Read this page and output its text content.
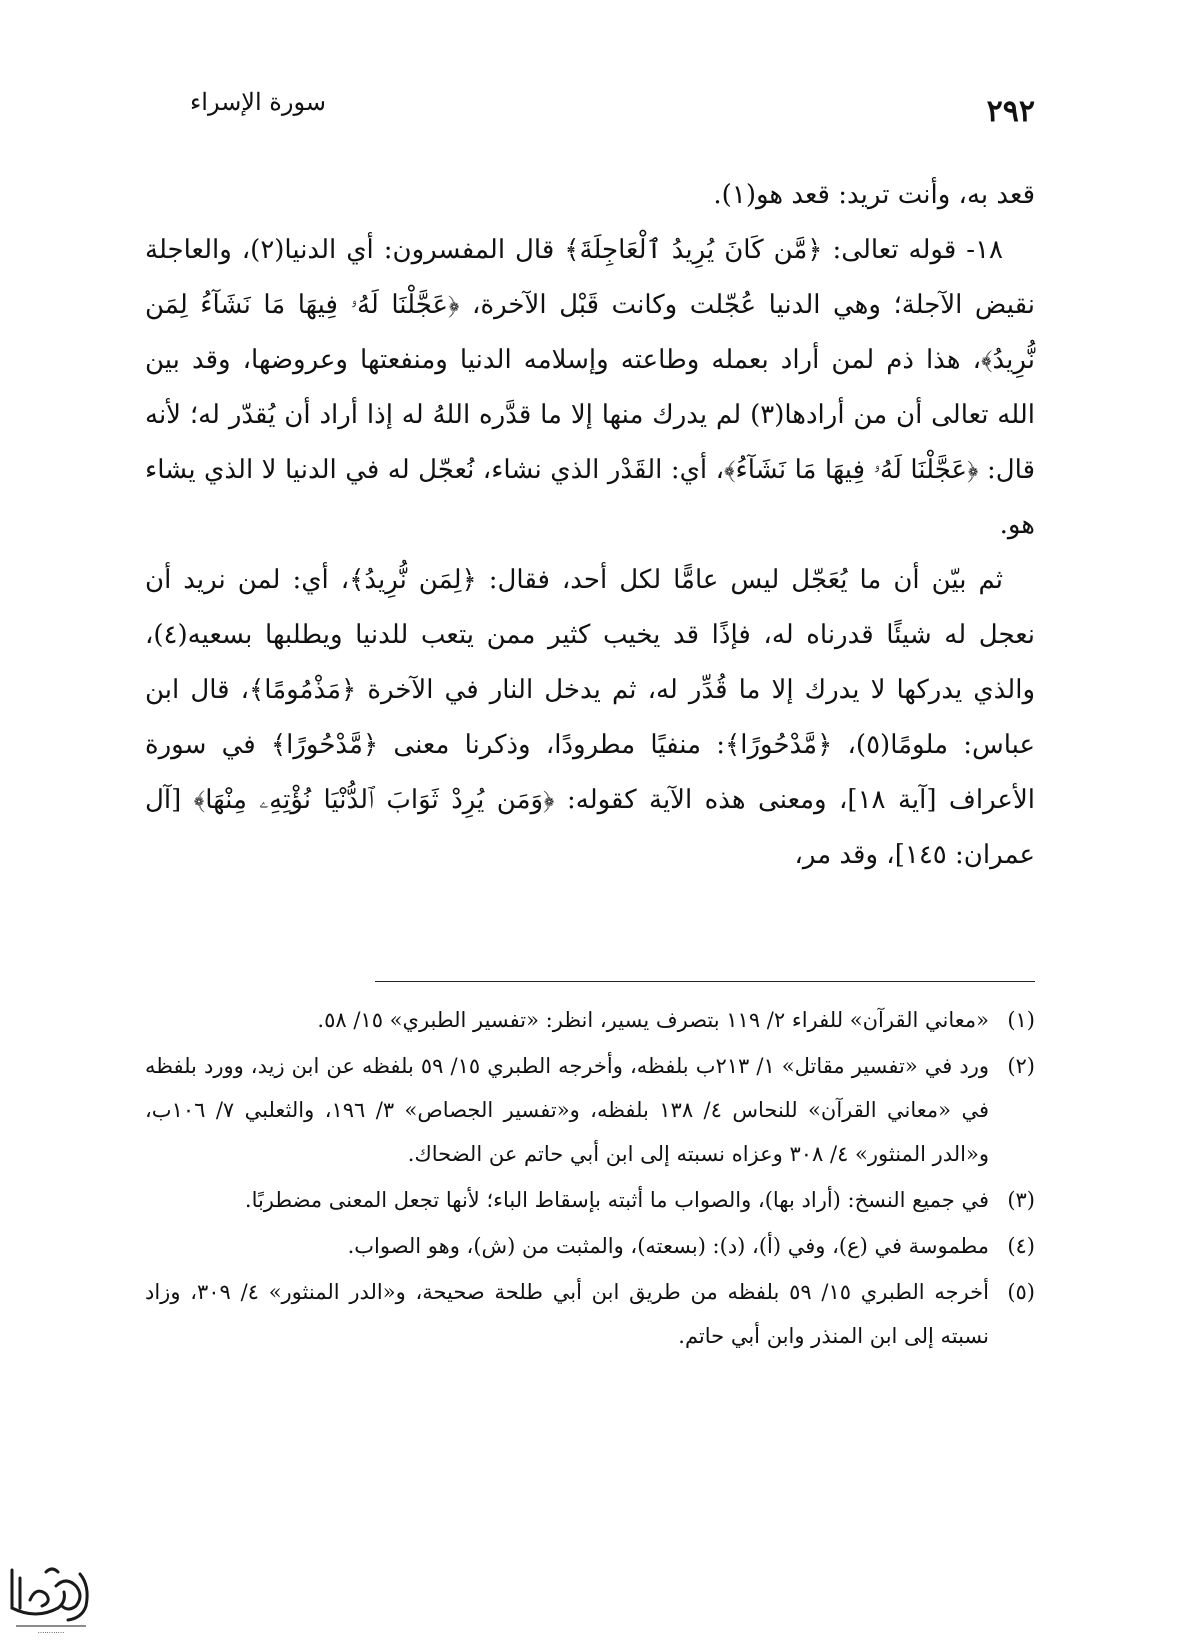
٢٩٢
سورة الإسراء

قعد به، وأنت تريد: قعد هو(١).

١٨- قوله تعالى: ﴿مَّن كَانَ يُرِيدُ ٱلْعَاجِلَةَ﴾ قال المفسرون: أي الدنيا(٢)، والعاجلة نقيض الآجلة؛ وهي الدنيا عُجّلت وكانت قَبْل الآخرة، ﴿عَجَّلْنَا لَهُۥ فِيهَا مَا نَشَآءُ لِمَن نُّرِيدُ﴾، هذا ذم لمن أراد بعمله وطاعته وإسلامه الدنيا ومنفعتها وعروضها، وقد بين الله تعالى أن من أرادها(٣) لم يدرك منها إلا ما قدَّره اللهُ له إذا أراد أن يُقدّر له؛ لأنه قال: ﴿عَجَّلْنَا لَهُۥ فِيهَا مَا نَشَآءُ﴾، أي: القَدْر الذي نشاء، نُعجّل له في الدنيا لا الذي يشاء هو.

ثم بيّن أن ما يُعَجّل ليس عامًّا لكل أحد، فقال: ﴿لِمَن نُّرِيدُ﴾، أي: لمن نريد أن نعجل له شيئًا قدرناه له، فإذًا قد يخيب كثير ممن يتعب للدنيا ويطلبها بسعيه(٤)، والذي يدركها لا يدرك إلا ما قُدِّر له، ثم يدخل النار في الآخرة ﴿مَذْمُومًا﴾، قال ابن عباس: ملومًا(٥)، ﴿مَّدْحُورًا﴾: منفيًا مطرودًا، وذكرنا معنى ﴿مَّدْحُورًا﴾ في سورة الأعراف [آية ١٨]، ومعنى هذه الآية كقوله: ﴿وَمَن يُرِدْ ثَوَابَ ٱلدُّنْيَا نُؤْتِهِۦ مِنْهَا﴾ [آل عمران: ١٤٥]، وقد مر،

(١)
«معاني القرآن» للفراء ٢/ ١١٩ بتصرف يسير، انظر: «تفسير الطبري» ١٥/ ٥٨.
(٢)
ورد في «تفسير مقاتل» ١/ ٢١٣ب بلفظه، وأخرجه الطبري ١٥/ ٥٩ بلفظه عن ابن زيد، وورد بلفظه في «معاني القرآن» للنحاس ٤/ ١٣٨ بلفظه، و«تفسير الجصاص» ٣/ ١٩٦، والثعلبي ٧/ ١٠٦ب، و«الدر المنثور» ٤/ ٣٠٨ وعزاه نسبته إلى ابن أبي حاتم عن الضحاك.
(٣)
في جميع النسخ: (أراد بها)، والصواب ما أثبته بإسقاط الباء؛ لأنها تجعل المعنى مضطربًا.
(٤)
مطموسة في (ع)، وفي (أ)، (د): (بسعته)، والمثبت من (ش)، وهو الصواب.
(٥)
أخرجه الطبري ١٥/ ٥٩ بلفظه من طريق ابن أبي طلحة صحيحة، و«الدر المنثور» ٤/ ٣٠٩، وزاد نسبته إلى ابن المنذر وابن أبي حاتم.
............
